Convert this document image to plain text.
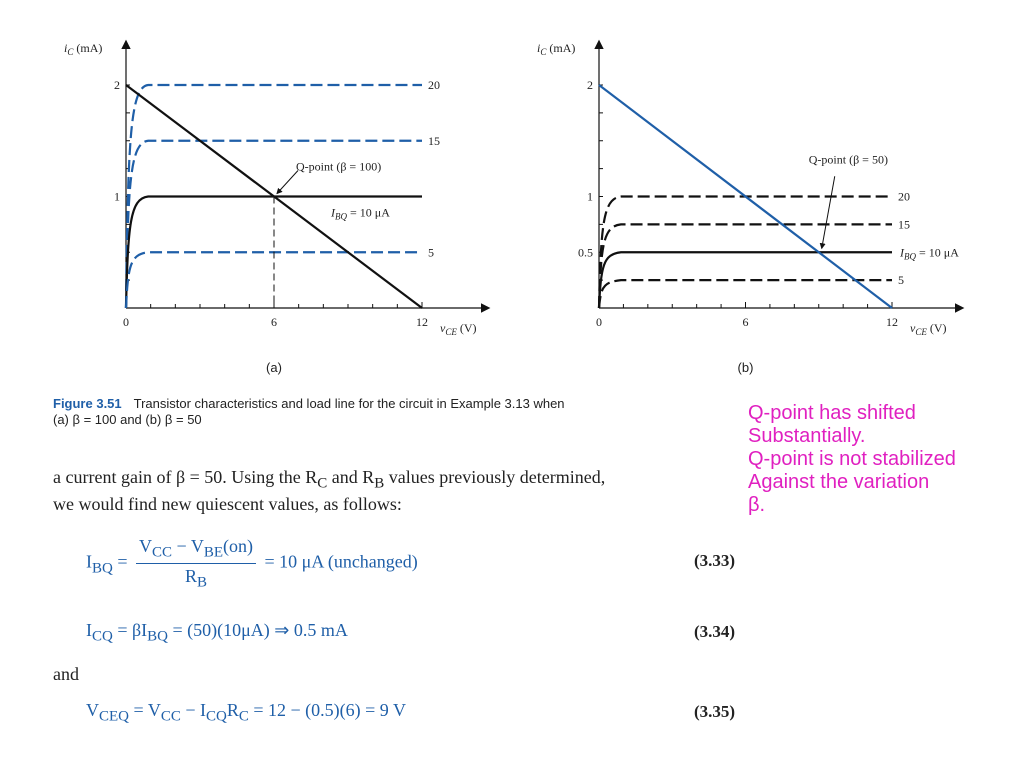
0	6	12
1
2
$i_C$ (mA)
$v_{CE}$ (V)
20
15
$I_{BQ} = 10$ μA
5
Q-point (β = 100)
(a)
0	6	12
0.5
1
2
$i_C$ (mA)
$v_{CE}$ (V)
20
15
$I_{BQ} = 10$ μA
5
Q-point (β = 50)
(b)
Figure 3.51 Transistor characteristics and load line for the circuit in Example 3.13 when
(a) β = 100 and (b) β = 50	Q-point has shifted
Substantially.
Q-point is not stabilized
Against the variation
β.
a current gain of β = 50. Using the $R_C$ and $R_B$ values previously determined,
we would find new quiescent values, as follows:
$I_{BQ} = \frac{V_{CC} - V_{BE}(on)}{R_B} = 10$ μA (unchanged)	(3.33)
$I_{CQ} = \beta I_{BQ} = (50)(10\mu A)$ ⇒ 0.5 mA	(3.34)
and
$V_{CEQ} = V_{CC} - I_{CQ}R_C = 12 - (0.5)(6) = 9$ V	(3.35)
